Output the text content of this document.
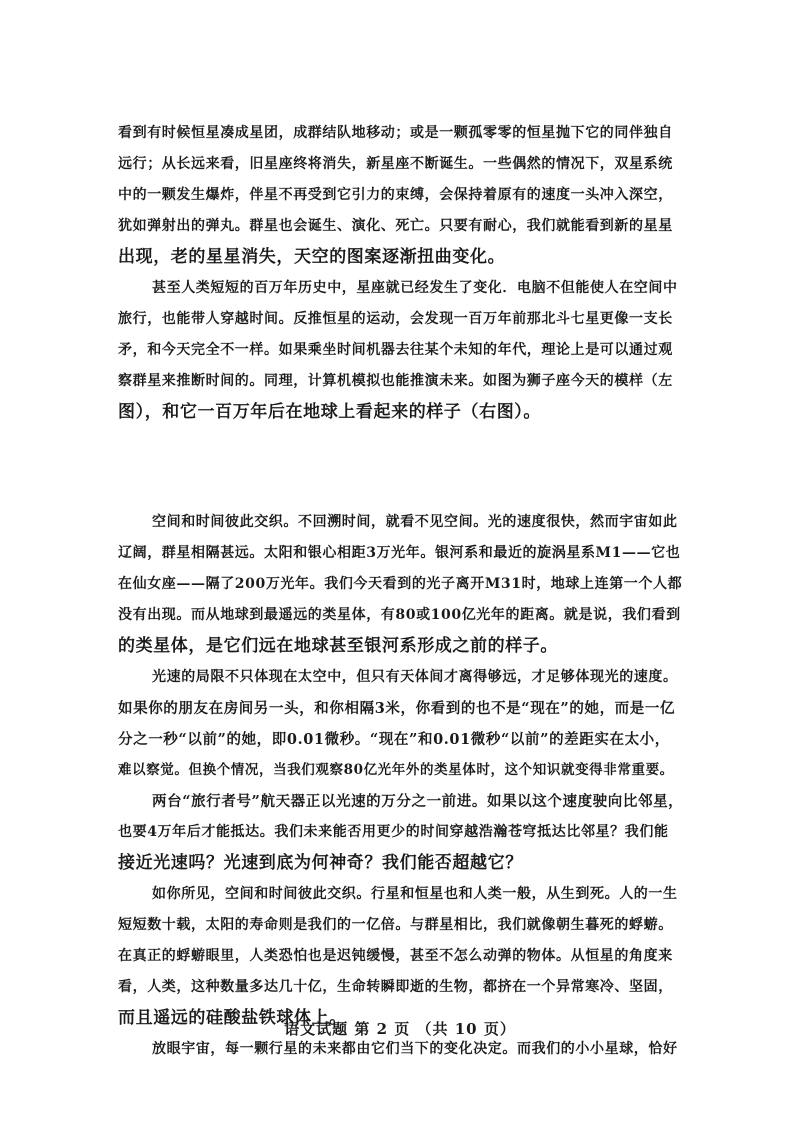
看到有时候恒星凑成星团，成群结队地移动；或是一颗孤零零的恒星抛下它的同伴独自
远行；从长远来看，旧星座终将消失，新星座不断诞生。一些偶然的情况下，双星系统
中的一颗发生爆炸，伴星不再受到它引力的束缚，会保持着原有的速度一头冲入深空，
犹如弹射出的弹丸。群星也会诞生、演化、死亡。只要有耐心，我们就能看到新的星星
出现，老的星星消失，天空的图案逐渐扭曲变化。

甚至人类短短的百万年历史中，星座就已经发生了变化．电脑不但能使人在空间中
旅行，也能带人穿越时间。反推恒星的运动，会发现一百万年前那北斗七星更像一支长
矛，和今天完全不一样。如果乘坐时间机器去往某个未知的年代，理论上是可以通过观
察群星来推断时间的。同理，计算机模拟也能推演未来。如图为狮子座今天的模样（左
图），和它一百万年后在地球上看起来的样子（右图）。

空间和时间彼此交织。不回溯时间，就看不见空间。光的速度很快，然而宇宙如此
辽阔，群星相隔甚远。太阳和银心相距3万光年。银河系和最近的旋涡星系M1——它也
在仙女座——隔了200万光年。我们今天看到的光子离开M31时，地球上连第一个人都
没有出现。而从地球到最遥远的类星体，有80或100亿光年的距离。就是说，我们看到
的类星体，是它们远在地球甚至银河系形成之前的样子。

光速的局限不只体现在太空中，但只有天体间才离得够远，才足够体现光的速度。
如果你的朋友在房间另一头，和你相隔3米，你看到的也不是“现在”的她，而是一亿
分之一秒“以前”的她，即0.01微秒。“现在”和0.01微秒“以前”的差距实在太小，
难以察觉。但换个情况，当我们观察80亿光年外的类星体时，这个知识就变得非常重要。

两台“旅行者号”航天器正以光速的万分之一前进。如果以这个速度驶向比邻星，
也要4万年后才能抵达。我们未来能否用更少的时间穿越浩瀚苍穹抵达比邻星？我们能
接近光速吗？光速到底为何神奇？我们能否超越它？

如你所见，空间和时间彼此交织。行星和恒星也和人类一般，从生到死。人的一生
短短数十载，太阳的寿命则是我们的一亿倍。与群星相比，我们就像朝生暮死的蜉蝣。
在真正的蜉蝣眼里，人类恐怕也是迟钝缓慢，甚至不怎么动弹的物体。从恒星的角度来
看，人类，这种数量多达几十亿，生命转瞬即逝的生物，都挤在一个异常寒冷、坚固，
而且遥远的硅酸盐铁球体上。

放眼宇宙，每一颗行星的未来都由它们当下的变化决定。而我们的小小星球，恰好

语文试题 第 2 页 （共 10 页）
